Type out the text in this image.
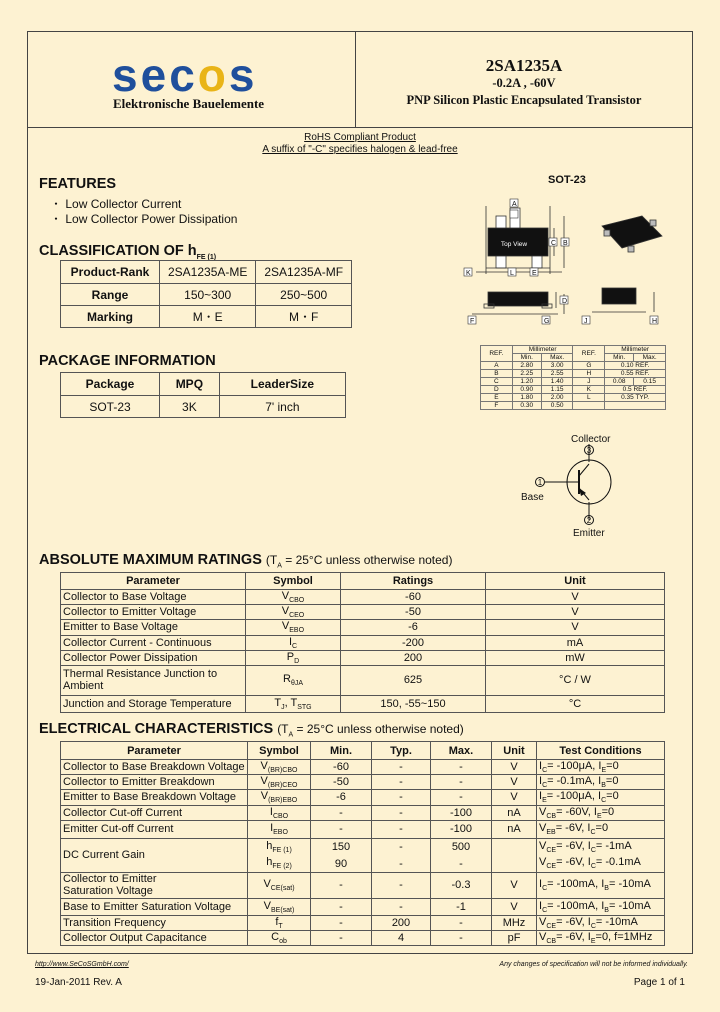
secos
Elektronische Bauelemente
2SA1235A
-0.2A , -60V
PNP Silicon Plastic Encapsulated Transistor
RoHS Compliant Product
A suffix of "-C" specifies halogen & lead-free
FEATURES
・ Low Collector Current
・ Low Collector Power Dissipation
CLASSIFICATION OF $h_{FE (1)}$
Product-Rank	2SA1235A-ME	2SA1235A-MF
Range	150~300	250~500
Marking	M・E	M・F
PACKAGE INFORMATION
Package	MPQ	LeaderSize
SOT-23	3K	7' inch
SOT-23
A
Top View	C B
K	L	E
D
F	G	J	H
REF.	Millimeter		REF.	Millimeter	
	Min.	Max.		Min.	Max.
A	2.80	3.00	G	0.10 REF.	
B	2.25	2.55	H	0.55 REF.	
C	1.20	1.40	J	0.08	0.15
D	0.90	1.15	K	0.5 REF.	
E	1.80	2.00	L	0.35 TYP.	
F	0.30	0.50			
3
1
2
Collector
Base
Emitter
ABSOLUTE MAXIMUM RATINGS ($T_A = 25^\circ C$ unless otherwise noted)
Parameter	Symbol	Ratings	Unit
Collector to Base Voltage	$V_{CBO}$	-60	V
Collector to Emitter Voltage	$V_{CEO}$	-50	V
Emitter to Base Voltage	$V_{EBO}$	-6	V
Collector Current - Continuous	$I_C$	-200	mA
Collector Power Dissipation	$P_D$	200	mW
Thermal Resistance Junction to Ambient	$R_{\theta JA}$	625	°C / W
Junction and Storage Temperature	$T_J$, $T_{STG}$	150, -55~150	°C
ELECTRICAL CHARACTERISTICS ($T_A = 25^\circ C$ unless otherwise noted)
Parameter	Symbol	Min.	Typ.	Max.	Unit	Test Conditions
Collector to Base Breakdown Voltage	$V_{(BR)CBO}$	-60	-	-	V	$I_C= -100\mu A$, $I_E=0$
Collector to Emitter Breakdown	$V_{(BR)CEO}$	-50	-	-	V	$I_C= -0.1mA$, $I_B=0$
Emitter to Base Breakdown Voltage	$V_{(BR)EBO}$	-6	-	-	V	$I_E= -100\mu A$, $I_C=0$
Collector Cut-off Current	$I_{CBO}$	-	-	-100	nA	$V_{CB}= -60V$, $I_E=0$
Emitter Cut-off Current	$I_{EBO}$	-	-	-100	nA	$V_{EB}= -6V$, $I_C=0$
DC Current Gain	$h_{FE (1)}$	150	-	500		$V_{CE}= -6V$, $I_C= -1mA$
	$h_{FE (2)}$	90	-	-		$V_{CE}= -6V$, $I_C= -0.1mA$
Collector to Emitter
Saturation Voltage	$V_{CE(sat)}$	-	-	-0.3	V	$I_C= -100mA$, $I_B= -10mA$
Base to Emitter Saturation Voltage	$V_{BE(sat)}$	-	-	-1	V	$I_C= -100mA$, $I_B= -10mA$
Transition Frequency	$f_T$	-	200	-	MHz	$V_{CE}= -6V$, $I_C= -10mA$
Collector Output Capacitance	$C_{ob}$	-	4	-	pF	$V_{CB}= -6V$, $I_E=0$, f=1MHz
http://www.SeCoSGmbH.com/	Any changes of specification will not be informed individually.
19-Jan-2011 Rev. A	Page 1 of 1
